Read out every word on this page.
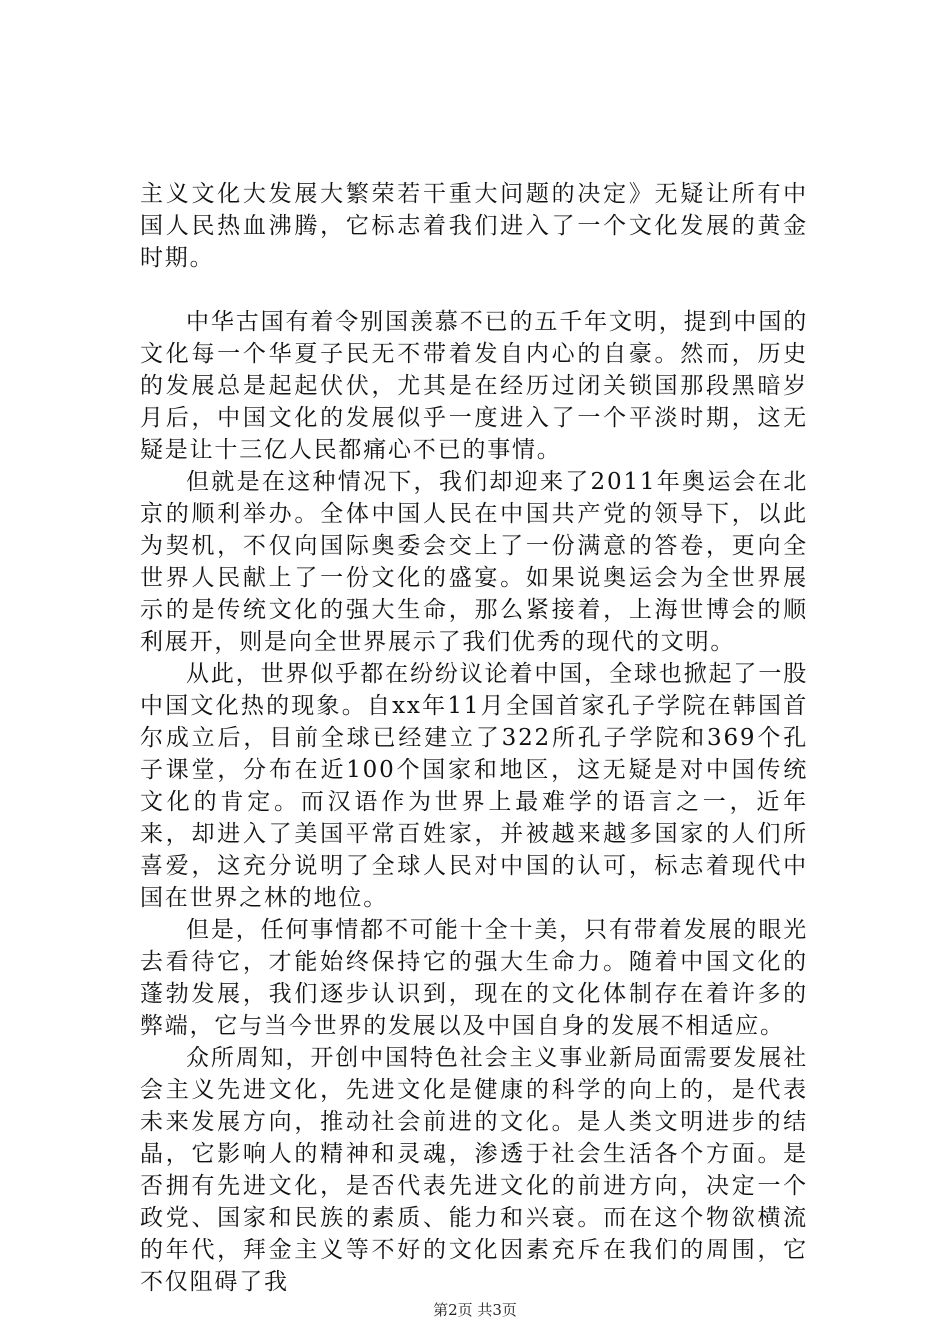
主义文化大发展大繁荣若干重大问题的决定》无疑让所有中国人民热血沸腾，它标志着我们进入了一个文化发展的黄金时期。

中华古国有着令别国羡慕不已的五千年文明，提到中国的文化每一个华夏子民无不带着发自内心的自豪。然而，历史的发展总是起起伏伏，尤其是在经历过闭关锁国那段黑暗岁月后，中国文化的发展似乎一度进入了一个平淡时期，这无疑是让十三亿人民都痛心不已的事情。

但就是在这种情况下，我们却迎来了2011年奥运会在北京的顺利举办。全体中国人民在中国共产党的领导下，以此为契机，不仅向国际奥委会交上了一份满意的答卷，更向全世界人民献上了一份文化的盛宴。如果说奥运会为全世界展示的是传统文化的强大生命，那么紧接着，上海世博会的顺利展开，则是向全世界展示了我们优秀的现代的文明。

从此，世界似乎都在纷纷议论着中国，全球也掀起了一股中国文化热的现象。自xx年11月全国首家孔子学院在韩国首尔成立后，目前全球已经建立了322所孔子学院和369个孔子课堂，分布在近100个国家和地区，这无疑是对中国传统文化的肯定。而汉语作为世界上最难学的语言之一，近年来，却进入了美国平常百姓家，并被越来越多国家的人们所喜爱，这充分说明了全球人民对中国的认可，标志着现代中国在世界之林的地位。

但是，任何事情都不可能十全十美，只有带着发展的眼光去看待它，才能始终保持它的强大生命力。随着中国文化的蓬勃发展，我们逐步认识到，现在的文化体制存在着许多的弊端，它与当今世界的发展以及中国自身的发展不相适应。

众所周知，开创中国特色社会主义事业新局面需要发展社会主义先进文化，先进文化是健康的科学的向上的，是代表未来发展方向，推动社会前进的文化。是人类文明进步的结晶，它影响人的精神和灵魂，渗透于社会生活各个方面。是否拥有先进文化，是否代表先进文化的前进方向，决定一个政党、国家和民族的素质、能力和兴衰。而在这个物欲横流的年代，拜金主义等不好的文化因素充斥在我们的周围，它不仅阻碍了我

第2页 共3页
